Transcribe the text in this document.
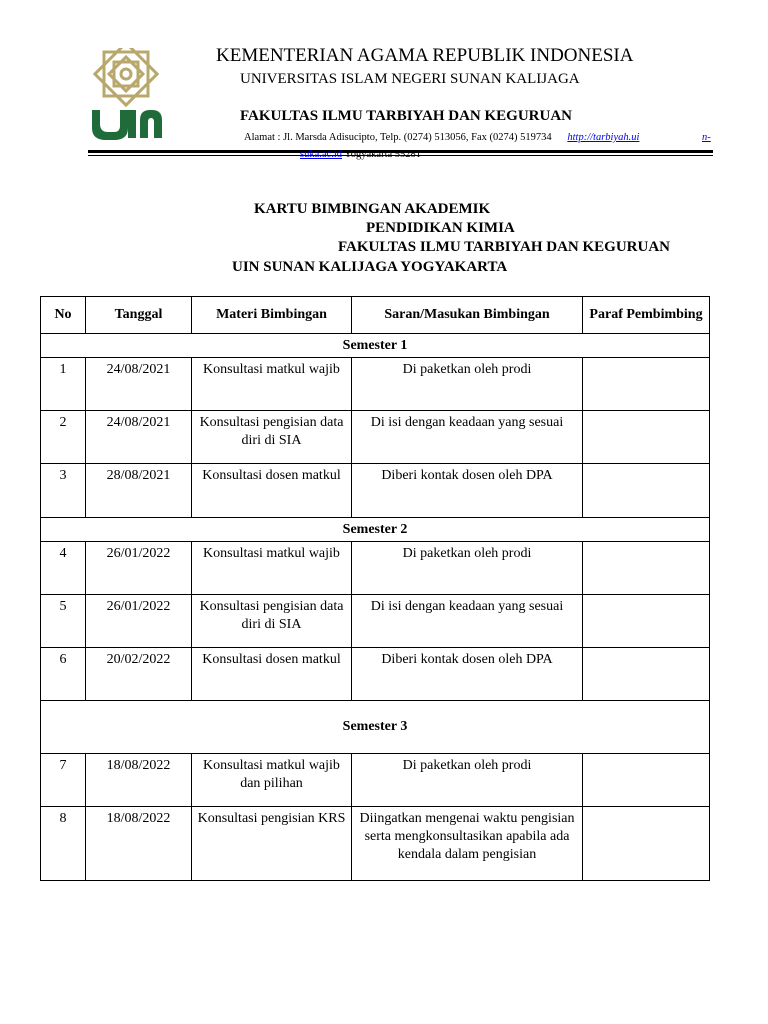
KEMENTERIAN AGAMA REPUBLIK INDONESIA
UNIVERSITAS ISLAM NEGERI SUNAN KALIJAGA
FAKULTAS ILMU TARBIYAH DAN KEGURUAN
Alamat : Jl. Marsda Adisucipto, Telp. (0274) 513056, Fax (0274) 519734 http://tarbiyah.ui	n-
suka.ac.id Yogyakarta 55281
KARTU BIMBINGAN AKADEMIK
PENDIDIKAN KIMIA
FAKULTAS ILMU TARBIYAH DAN KEGURUAN
UIN SUNAN KALIJAGA YOGYAKARTA
No	Tanggal	Materi Bimbingan	Saran/Masukan Bimbingan	Paraf Pembimbing
Semester 1				
1	24/08/2021	Konsultasi matkul wajib	Di paketkan oleh prodi	
2	24/08/2021	Konsultasi pengisian data diri di SIA	Di isi dengan keadaan yang sesuai	
3	28/08/2021	Konsultasi dosen matkul	Diberi kontak dosen oleh DPA	
Semester 2				
4	26/01/2022	Konsultasi matkul wajib	Di paketkan oleh prodi	
5	26/01/2022	Konsultasi pengisian data diri di SIA	Di isi dengan keadaan yang sesuai	
6	20/02/2022	Konsultasi dosen matkul	Diberi kontak dosen oleh DPA	
Semester 3				
7	18/08/2022	Konsultasi matkul wajib dan pilihan	Di paketkan oleh prodi	
8	18/08/2022	Konsultasi pengisian KRS	Diingatkan mengenai waktu pengisian serta mengkonsultasikan apabila ada kendala dalam pengisian	
